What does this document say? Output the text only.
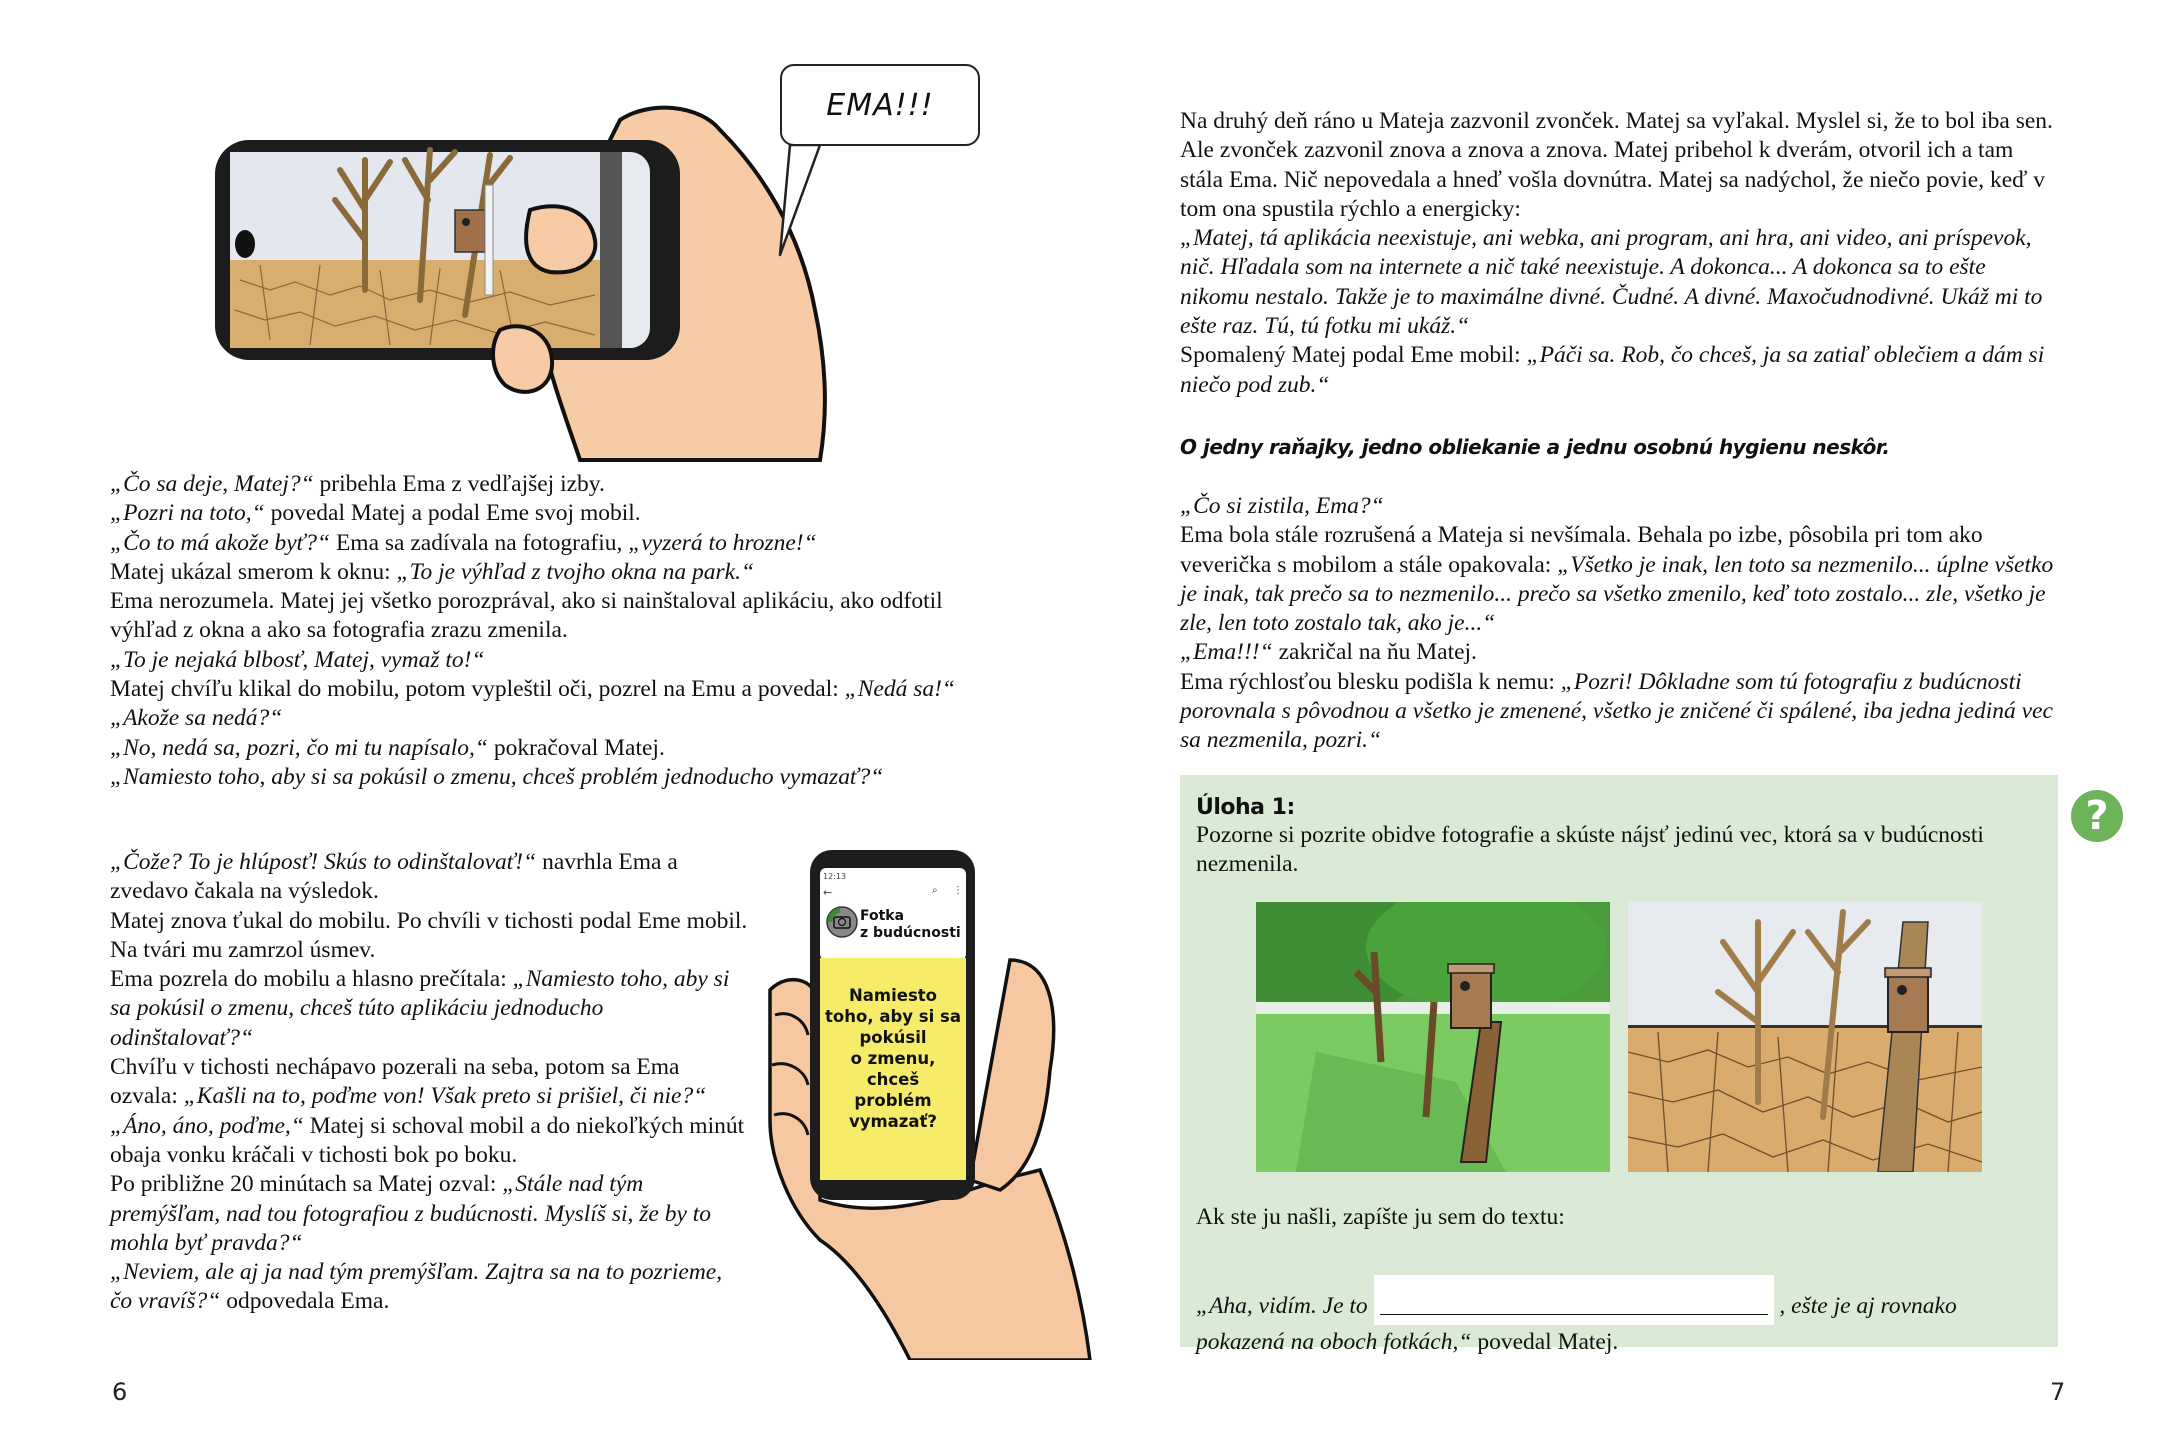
EMA!!!

„Čo sa deje, Matej?“ pribehla Ema z vedľajšej izby.

„Pozri na toto,“ povedal Matej a podal Eme svoj mobil.

„Čo to má akože byť?“ Ema sa zadívala na fotografiu, „vyzerá to hrozne!“

Matej ukázal smerom k oknu: „To je výhľad z tvojho okna na park.“

Ema nerozumela. Matej jej všetko porozprával, ako si nainštaloval aplikáciu, ako odfotil výhľad z okna a ako sa fotografia zrazu zmenila.

„To je nejaká blbosť, Matej, vymaž to!“

Matej chvíľu klikal do mobilu, potom vypleštil oči, pozrel na Emu a povedal: „Nedá sa!“

„Akože sa nedá?“

„No, nedá sa, pozri, čo mi tu napísalo,“ pokračoval Matej.

„Namiesto toho, aby si sa pokúsil o zmenu, chceš problém jednoducho vymazať?“

„Čože? To je hlúposť! Skús to odinštalovať!“ navrhla Ema a zvedavo čakala na výsledok.

Matej znova ťukal do mobilu. Po chvíli v tichosti podal Eme mobil. Na tvári mu zamrzol úsmev.

Ema pozrela do mobilu a hlasno prečítala: „Namiesto toho, aby si sa pokúsil o zmenu, chceš túto aplikáciu jednoducho odinštalovať?“

Chvíľu v tichosti nechápavo pozerali na seba, potom sa Ema ozvala: „Kašli na to, poďme von! Však preto si prišiel, či nie?“

„Áno, áno, poďme,“ Matej si schoval mobil a do niekoľkých minút obaja vonku kráčali v tichosti bok po boku.

Po približne 20 minútach sa Matej ozval: „Stále nad tým premýšľam, nad tou fotografiou z budúcnosti. Myslíš si, že by to mohla byť pravda?“

„Neviem, ale aj ja nad tým premýšľam. Zajtra sa na to pozrieme, čo vravíš?“ odpovedala Ema.

12:13
←	⌕ ⋮
Fotka
z budúcnosti
Namiesto
toho, aby si sa
pokúsil
o zmenu,
chceš
problém
vymazať?
6

Na druhý deň ráno u Mateja zazvonil zvonček. Matej sa vyľakal. Myslel si, že to bol iba sen. Ale zvonček zazvonil znova a znova a znova. Matej pribehol k dverám, otvoril ich a tam stála Ema. Nič nepovedala a hneď vošla dovnútra. Matej sa nadýchol, že niečo povie, keď v tom ona spustila rýchlo a energicky:

„Matej, tá aplikácia neexistuje, ani webka, ani program, ani hra, ani video, ani príspevok, nič. Hľadala som na internete a nič také neexistuje. A dokonca... A dokonca sa to ešte nikomu nestalo. Takže je to maximálne divné. Čudné. A divné. Maxočudnodivné. Ukáž mi to ešte raz. Tú, tú fotku mi ukáž.“

Spomalený Matej podal Eme mobil: „Páči sa. Rob, čo chceš, ja sa zatiaľ oblečiem a dám si niečo pod zub.“

O jedny raňajky, jedno obliekanie a jednu osobnú hygienu neskôr.

„Čo si zistila, Ema?“

Ema bola stále rozrušená a Mateja si nevšímala. Behala po izbe, pôsobila pri tom ako veverička s mobilom a stále opakovala: „Všetko je inak, len toto sa nezmenilo... úplne všetko je inak, tak prečo sa to nezmenilo... prečo sa všetko zmenilo, keď toto zostalo... zle, všetko je zle, len toto zostalo tak, ako je...“

„Ema!!!“ zakričal na ňu Matej.

Ema rýchlosťou blesku podišla k nemu: „Pozri! Dôkladne som tú fotografiu z budúcnosti porovnala s pôvodnou a všetko je zmenené, všetko je zničené či spálené, iba jedna jediná vec sa nezmenila, pozri.“

Úloha 1:
Pozorne si pozrite obidve fotografie a skúste nájsť jedinú vec, ktorá sa v budúcnosti nezmenila.
Ak ste ju našli, zapíšte ju sem do textu:
„Aha, vidím. Je to	, ešte je aj rovnako pokazená na oboch fotkách,“ povedal Matej.
?
7
